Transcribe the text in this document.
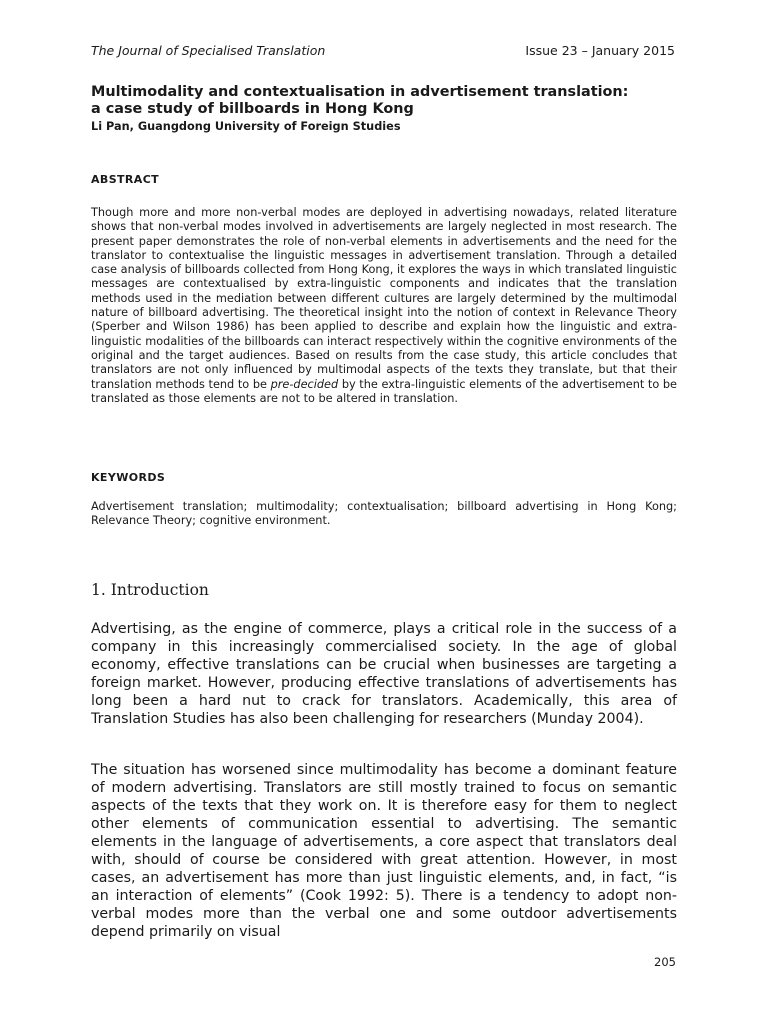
The Journal of Specialised Translation	Issue 23 – January 2015
Multimodality and contextualisation in advertisement translation:
a case study of billboards in Hong Kong
Li Pan, Guangdong University of Foreign Studies
ABSTRACT

Though more and more non-verbal modes are deployed in advertising nowadays, related literature shows that non-verbal modes involved in advertisements are largely neglected in most research. The present paper demonstrates the role of non-verbal elements in advertisements and the need for the translator to contextualise the linguistic messages in advertisement translation. Through a detailed case analysis of billboards collected from Hong Kong, it explores the ways in which translated linguistic messages are contextualised by extra-linguistic components and indicates that the translation methods used in the mediation between different cultures are largely determined by the multimodal nature of billboard advertising. The theoretical insight into the notion of context in Relevance Theory (Sperber and Wilson 1986) has been applied to describe and explain how the linguistic and extra-linguistic modalities of the billboards can interact respectively within the cognitive environments of the original and the target audiences. Based on results from the case study, this article concludes that translators are not only influenced by multimodal aspects of the texts they translate, but that their translation methods tend to be pre-decided by the extra-linguistic elements of the advertisement to be translated as those elements are not to be altered in translation.

KEYWORDS

Advertisement translation; multimodality; contextualisation; billboard advertising in Hong Kong; Relevance Theory; cognitive environment.

1. Introduction

Advertising, as the engine of commerce, plays a critical role in the success of a company in this increasingly commercialised society. In the age of global economy, effective translations can be crucial when businesses are targeting a foreign market. However, producing effective translations of advertisements has long been a hard nut to crack for translators. Academically, this area of Translation Studies has also been challenging for researchers (Munday 2004).

The situation has worsened since multimodality has become a dominant feature of modern advertising. Translators are still mostly trained to focus on semantic aspects of the texts that they work on. It is therefore easy for them to neglect other elements of communication essential to advertising. The semantic elements in the language of advertisements, a core aspect that translators deal with, should of course be considered with great attention. However, in most cases, an advertisement has more than just linguistic elements, and, in fact, “is an interaction of elements” (Cook 1992: 5). There is a tendency to adopt non-verbal modes more than the verbal one and some outdoor advertisements depend primarily on visual

205
